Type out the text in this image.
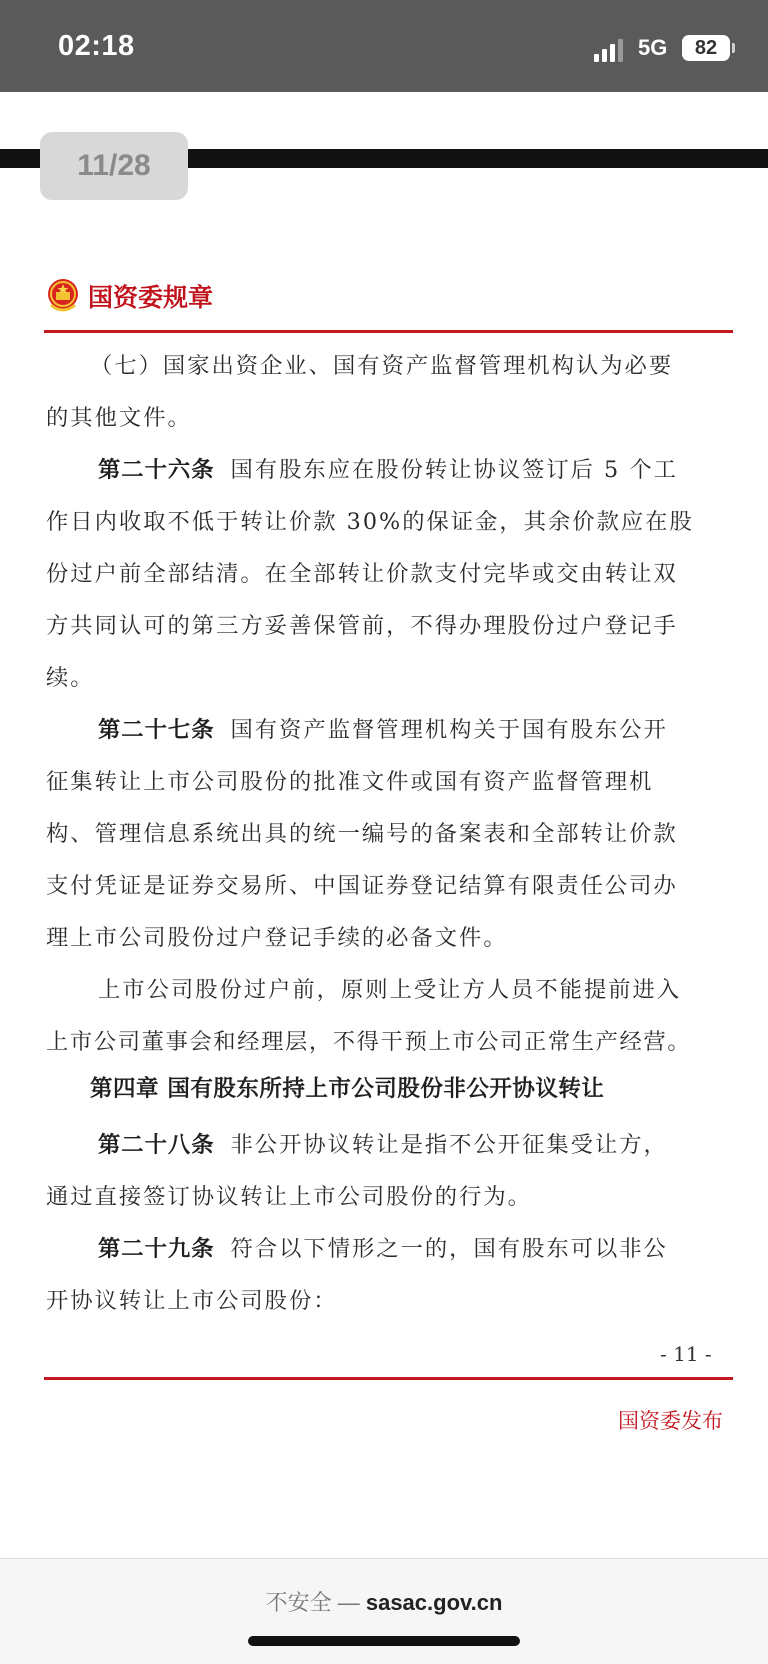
02:18	5G	82
11/28
国资委规章
（七）国家出资企业、国有资产监督管理机构认为必要
的其他文件。
第二十六条 国有股东应在股份转让协议签订后 5 个工
作日内收取不低于转让价款 30%的保证金，其余价款应在股
份过户前全部结清。在全部转让价款支付完毕或交由转让双
方共同认可的第三方妥善保管前，不得办理股份过户登记手
续。
第二十七条 国有资产监督管理机构关于国有股东公开
征集转让上市公司股份的批准文件或国有资产监督管理机
构、管理信息系统出具的统一编号的备案表和全部转让价款
支付凭证是证券交易所、中国证券登记结算有限责任公司办
理上市公司股份过户登记手续的必备文件。
上市公司股份过户前，原则上受让方人员不能提前进入
上市公司董事会和经理层，不得干预上市公司正常生产经营。
第四章 国有股东所持上市公司股份非公开协议转让
第二十八条 非公开协议转让是指不公开征集受让方，
通过直接签订协议转让上市公司股份的行为。
第二十九条 符合以下情形之一的，国有股东可以非公
开协议转让上市公司股份：
- 11 -
国资委发布
不安全 — sasac.gov.cn
